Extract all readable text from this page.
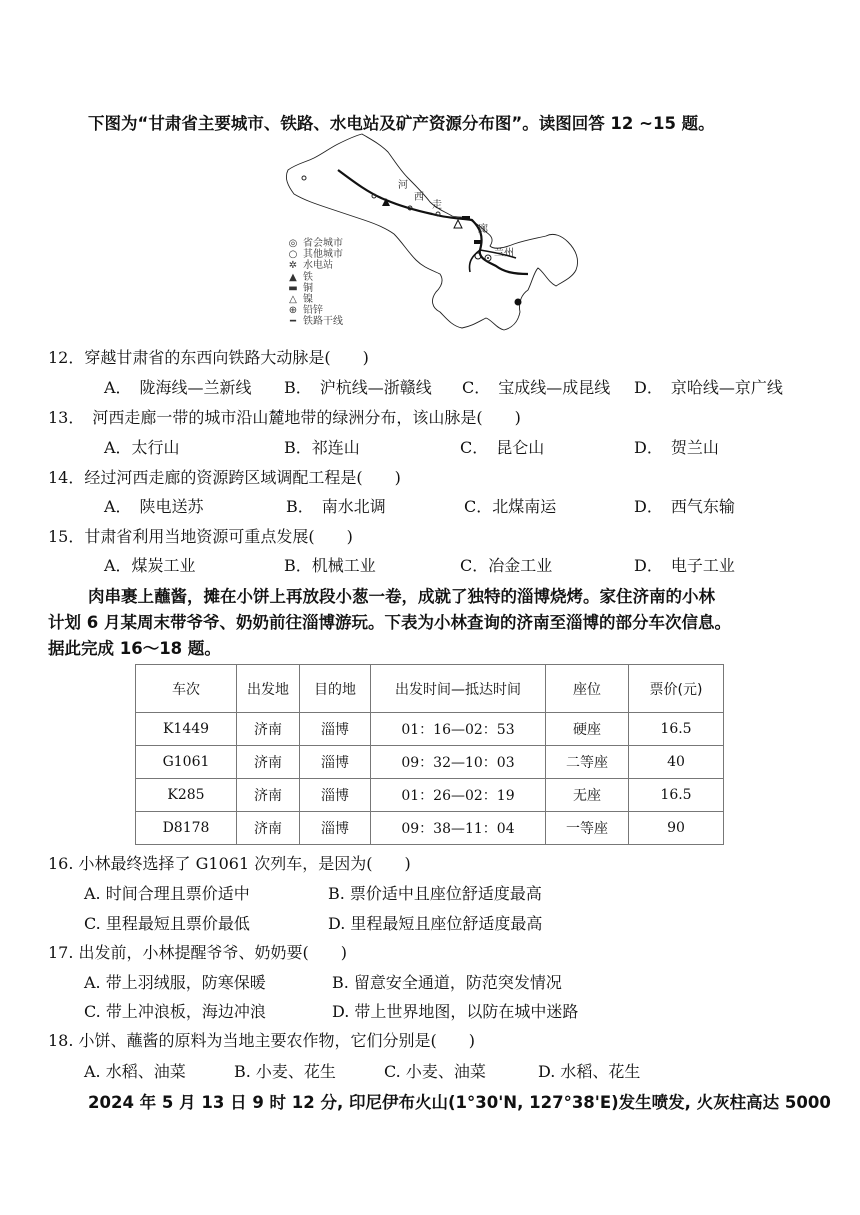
下图为“甘肃省主要城市、铁路、水电站及矿产资源分布图”。读图回答 12 ~15 题。
河
西
走
廊
兰州
◎ 省会城市
○ 其他城市
✲ 水电站
▲ 铁
▬ 铜
△ 镍
⊕ 铅锌
━ 铁路干线
12．穿越甘肃省的东西向铁路大动脉是(　　)
A．　陇海线—兰新线 B．　沪杭线—浙赣线 C．　宝成线—成昆线 D．　京哈线—京广线
13．　河西走廊一带的城市沿山麓地带的绿洲分布，该山脉是(　　)
A．太行山	B．祁连山	C．　昆仑山	D．　贺兰山
14．经过河西走廊的资源跨区域调配工程是(　　)
A．　陕电送苏	B．　南水北调	C．北煤南运	D．　西气东输
15．甘肃省利用当地资源可重点发展(　　)
A．煤炭工业	B．机械工业	C．冶金工业	D．　电子工业
肉串裹上蘸酱，摊在小饼上再放段小葱一卷，成就了独特的淄博烧烤。家住济南的小林
计划 6 月某周末带爷爷、奶奶前往淄博游玩。下表为小林查询的济南至淄博的部分车次信息。
据此完成 16～18 题。
车次	出发地	目的地	出发时间—抵达时间	座位	票价(元)
K1449	济南	淄博	01：16—02：53	硬座	16.5
G1061	济南	淄博	09：32—10：03	二等座	40
K285	济南	淄博	01：26—02：19	无座	16.5
D8178	济南	淄博	09：38—11：04	一等座	90
16. 小林最终选择了 G1061 次列车，是因为(　　)
A. 时间合理且票价适中	B. 票价适中且座位舒适度最高
C. 里程最短且票价最低	D. 里程最短且座位舒适度最高
17. 出发前，小林提醒爷爷、奶奶要(　　)
A. 带上羽绒服，防寒保暖	B. 留意安全通道，防范突发情况
C. 带上冲浪板，海边冲浪	D. 带上世界地图，以防在城中迷路
18. 小饼、蘸酱的原料为当地主要农作物，它们分别是(　　)
A. 水稻、油菜	B. 小麦、花生	C. 小麦、油菜	D. 水稻、花生
2024 年 5 月 13 日 9 时 12 分, 印尼伊布火山(1°30'N, 127°38'E)发生喷发, 火灰柱高达 5000
